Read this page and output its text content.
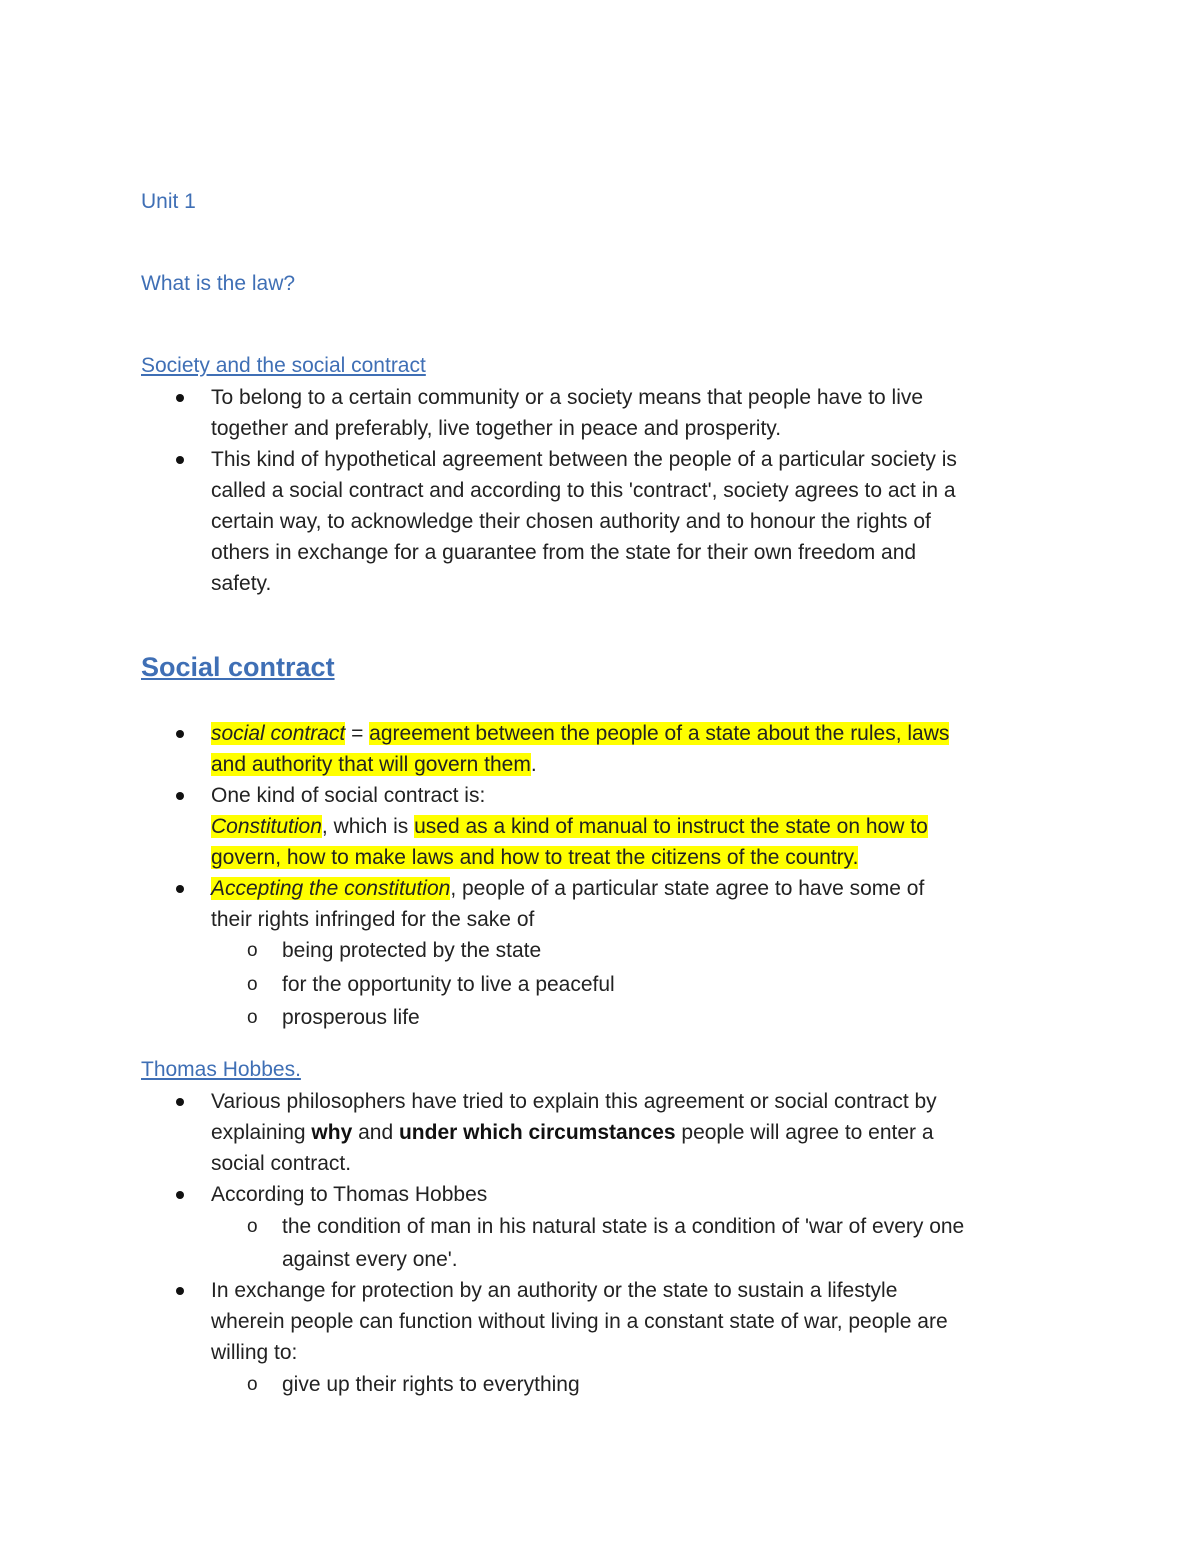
Unit 1
What is the law?
Society and the social contract
To belong to a certain community or a society means that people have to live
together and preferably, live together in peace and prosperity.
This kind of hypothetical agreement between the people of a particular society is
called a social contract and according to this 'contract', society agrees to act in a
certain way, to acknowledge their chosen authority and to honour the rights of
others in exchange for a guarantee from the state for their own freedom and
safety.
Social contract
social contract = agreement between the people of a state about the rules, laws
and authority that will govern them.
One kind of social contract is:
Constitution, which is used as a kind of manual to instruct the state on how to
govern, how to make laws and how to treat the citizens of the country.
Accepting the constitution, people of a particular state agree to have some of
their rights infringed for the sake of
o being protected by the state
o for the opportunity to live a peaceful
o prosperous life
Thomas Hobbes.
Various philosophers have tried to explain this agreement or social contract by
explaining why and under which circumstances people will agree to enter a
social contract.
According to Thomas Hobbes
o the condition of man in his natural state is a condition of 'war of every one
against every one'.
In exchange for protection by an authority or the state to sustain a lifestyle
wherein people can function without living in a constant state of war, people are
willing to:
o give up their rights to everything
